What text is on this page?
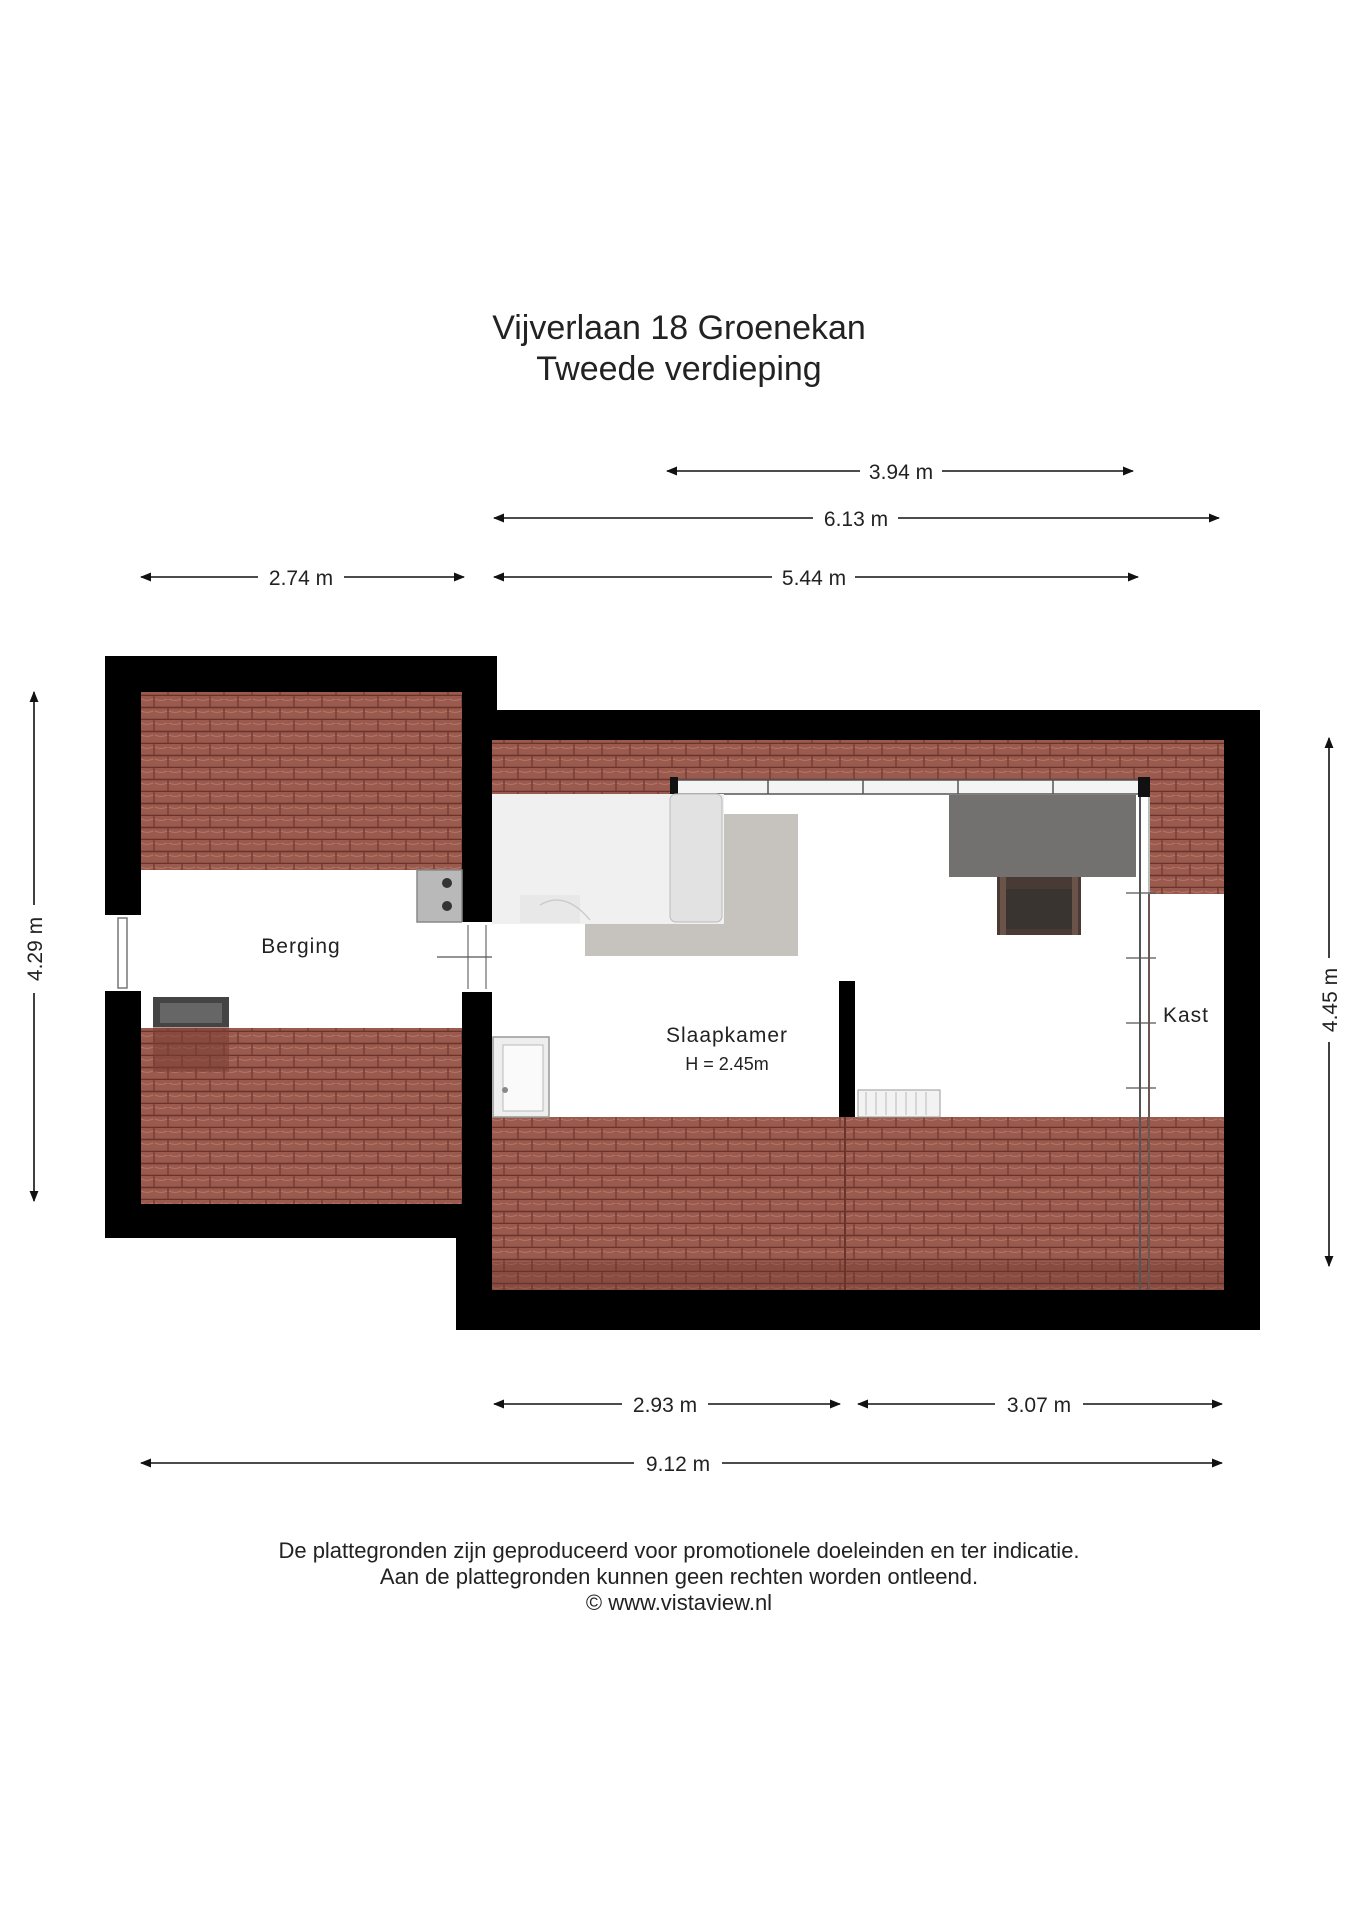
Vijverlaan 18 Groenekan
Tweede verdieping
Berging
Slaapkamer
H = 2.45m
Kast
3.94 m
6.13 m
2.74 m	5.44 m
4.29 m
4.45 m
2.93 m	3.07 m
9.12 m
De plattegronden zijn geproduceerd voor promotionele doeleinden en ter indicatie.
Aan de plattegronden kunnen geen rechten worden ontleend.
© www.vistaview.nl
